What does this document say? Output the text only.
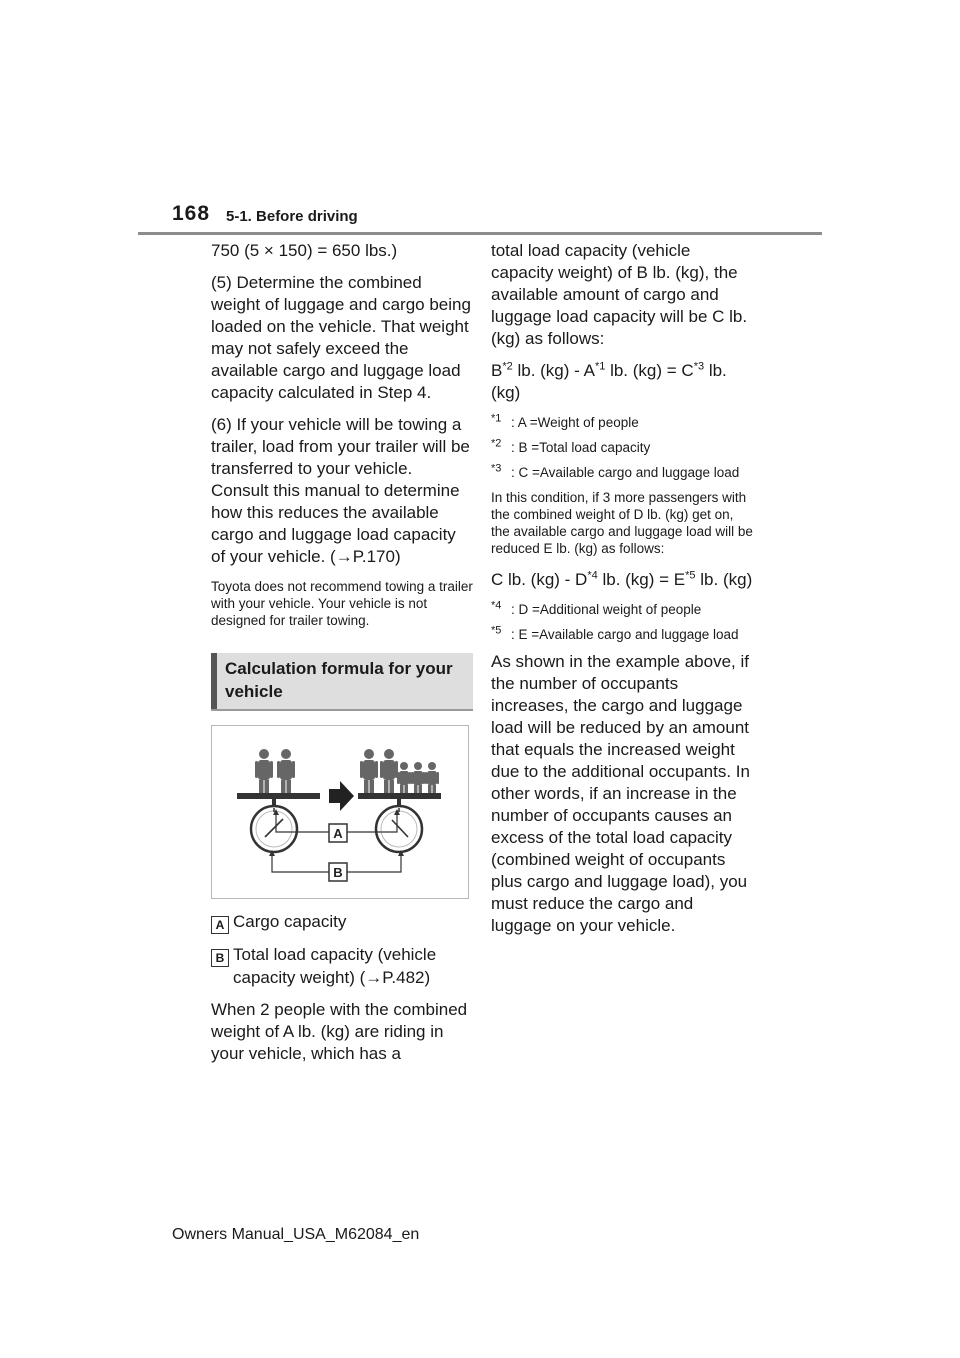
168 5-1. Before driving

750 (5 × 150) = 650 lbs.)

(5) Determine the combined weight of luggage and cargo being loaded on the vehicle. That weight may not safely exceed the available cargo and luggage load capacity calculated in Step 4.

(6) If your vehicle will be towing a trailer, load from your trailer will be transferred to your vehicle. Consult this manual to determine how this reduces the available cargo and luggage load capacity of your vehicle. (→P.170)

Toyota does not recommend towing a trailer with your vehicle. Your vehicle is not designed for trailer towing.

Calculation formula for your vehicle
A
B
A Cargo capacity
B Total load capacity (vehicle capacity weight) (→P.482)

When 2 people with the combined weight of A lb. (kg) are riding in your vehicle, which has a

total load capacity (vehicle capacity weight) of B lb. (kg), the available amount of cargo and luggage load capacity will be C lb. (kg) as follows:

$B^{*2}$ lb. $(kg) - A^{*1}$ lb. $(kg) = C^{*3}$ lb. (kg)

$^{*1}$ : A =Weight of people
$^{*2}$ : B =Total load capacity
$^{*3}$ : C =Available cargo and luggage load

In this condition, if 3 more passengers with the combined weight of D lb. (kg) get on, the available cargo and luggage load will be reduced E lb. (kg) as follows:

C lb. $(kg) - D^{*4}$ lb. $(kg) = E^{*5}$ lb. (kg)

$^{*4}$ : D =Additional weight of people
$^{*5}$ : E =Available cargo and luggage load

As shown in the example above, if the number of occupants increases, the cargo and luggage load will be reduced by an amount that equals the increased weight due to the additional occupants. In other words, if an increase in the number of occupants causes an excess of the total load capacity (combined weight of occupants plus cargo and luggage load), you must reduce the cargo and luggage on your vehicle.

Owners Manual_USA_M62084_en
